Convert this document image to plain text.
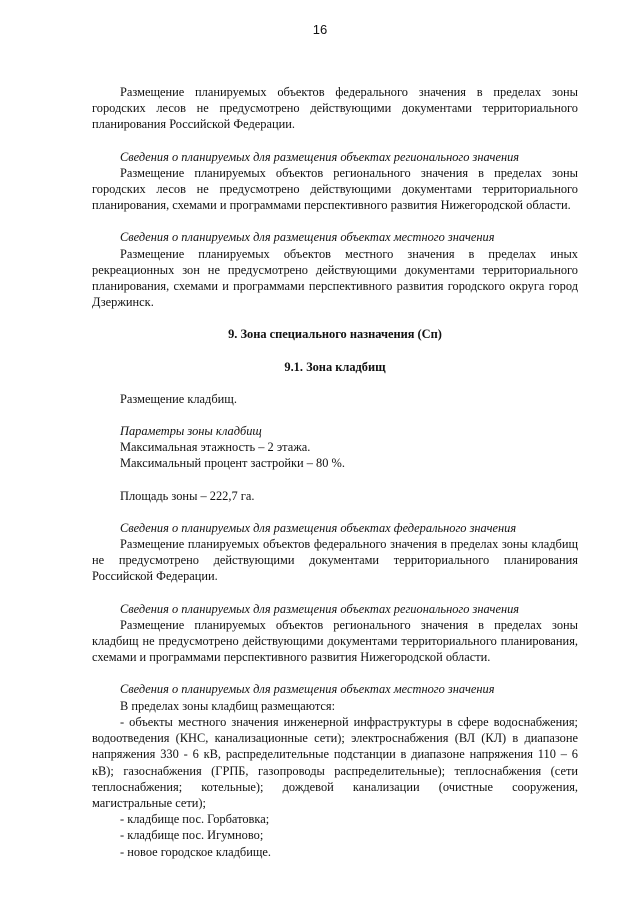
16

Размещение планируемых объектов федерального значения в пределах зоны городских лесов не предусмотрено действующими документами территориального планирования Российской Федерации.

Сведения о планируемых для размещения объектах регионального значения

Размещение планируемых объектов регионального значения в пределах зоны городских лесов не предусмотрено действующими документами территориального планирования, схемами и программами перспективного развития Нижегородской области.

Сведения о планируемых для размещения объектах местного значения

Размещение планируемых объектов местного значения в пределах иных рекреационных зон не предусмотрено действующими документами территориального планирования, схемами и программами перспективного развития городского округа город Дзержинск.

9. Зона специального назначения (Сп)

9.1. Зона кладбищ

Размещение кладбищ.

Параметры зоны кладбищ

Максимальная этажность – 2 этажа.

Максимальный процент застройки – 80 %.

Площадь зоны – 222,7 га.

Сведения о планируемых для размещения объектах федерального значения

Размещение планируемых объектов федерального значения в пределах зоны кладбищ не предусмотрено действующими документами территориального планирования Российской Федерации.

Сведения о планируемых для размещения объектах регионального значения

Размещение планируемых объектов регионального значения в пределах зоны кладбищ не предусмотрено действующими документами территориального планирования, схемами и программами перспективного развития Нижегородской области.

Сведения о планируемых для размещения объектах местного значения

В пределах зоны кладбищ размещаются:

- объекты местного значения инженерной инфраструктуры в сфере водоснабжения; водоотведения (КНС, канализационные сети); электроснабжения (ВЛ (КЛ) в диапазоне напряжения 330 - 6 кВ, распределительные подстанции в диапазоне напряжения 110 – 6 кВ); газоснабжения (ГРПБ, газопроводы распределительные); теплоснабжения (сети теплоснабжения; котельные); дождевой канализации (очистные сооружения, магистральные сети);

- кладбище пос. Горбатовка;

- кладбище пос. Игумново;

- новое городское кладбище.
